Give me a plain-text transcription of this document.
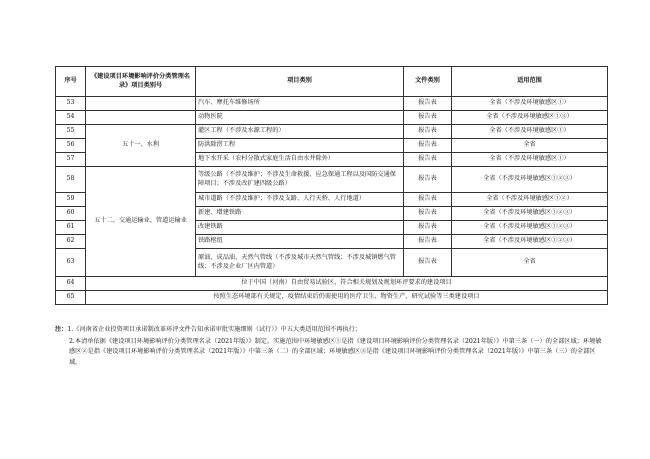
序号	《建设项目环境影响评价分类管理名录》项目类别号	项目类别	文件类别	适用范围
53		汽车、摩托车维修场所	报告表	全省（不涉及环境敏感区①）
54		动物医院	报告表	全省（不涉及环境敏感区①③）
55	五十一、水利	灌区工程（不涉及水源工程的）	报告表	全省（不涉及环境敏感区①）
56		防洪除涝工程	报告表	全省
57		地下水开采（农村分散式家庭生活自由水井除外）	报告表	全省（不涉及环境敏感区①）
58	五十二、交通运输业、管道运输业	等级公路（不涉及维护；不涉及生命救援、应急保通工程以及国防交通保障项目；不涉及改扩建四级公路）	报告表	全省（不涉及环境敏感区①②③）
59		城市道路（不涉及维护；不涉及支路、人行天桥、人行地道）	报告表	全省（不涉及环境敏感区①②）
60		新建、增建铁路	报告表	全省（不涉及环境敏感区①②③）
61		改建铁路	报告表	全省（不涉及环境敏感区①②③）
62		铁路枢纽	报告表	全省（不涉及环境敏感区①②③）
63		原油、成品油、天然气管线（不涉及城市天然气管线；不涉及城镇燃气管线；不涉及企业厂区内管道）	报告表	全省
64	位于中国（河南）自由贸易试验区，符合相关规划及规划环评要求的建设项目			
65	按照生态环境部有关规定，疫情结束后仍需使用的医疗卫生、物资生产、研究试验等三类建设项目			

注：1.《河南省企业投资项目承诺制改革环评文件告知承诺审批实施细则（试行）》中五大类适用范围不再执行；

2.本清单依据《建设项目环境影响评价分类管理名录（2021年版）》制定，实施范围中环境敏感区①是指《建设项目环境影响评价分类管理名录（2021年版）》中第三条（一）的全部区域；环境敏感区②是指《建设项目环境影响评价分类管理名录（2021年版）》中第三条（二）的全部区域；环境敏感区③是指《建设项目环境影响评价分类管理名录（2021年版）》中第三条（三）的全部区域。
